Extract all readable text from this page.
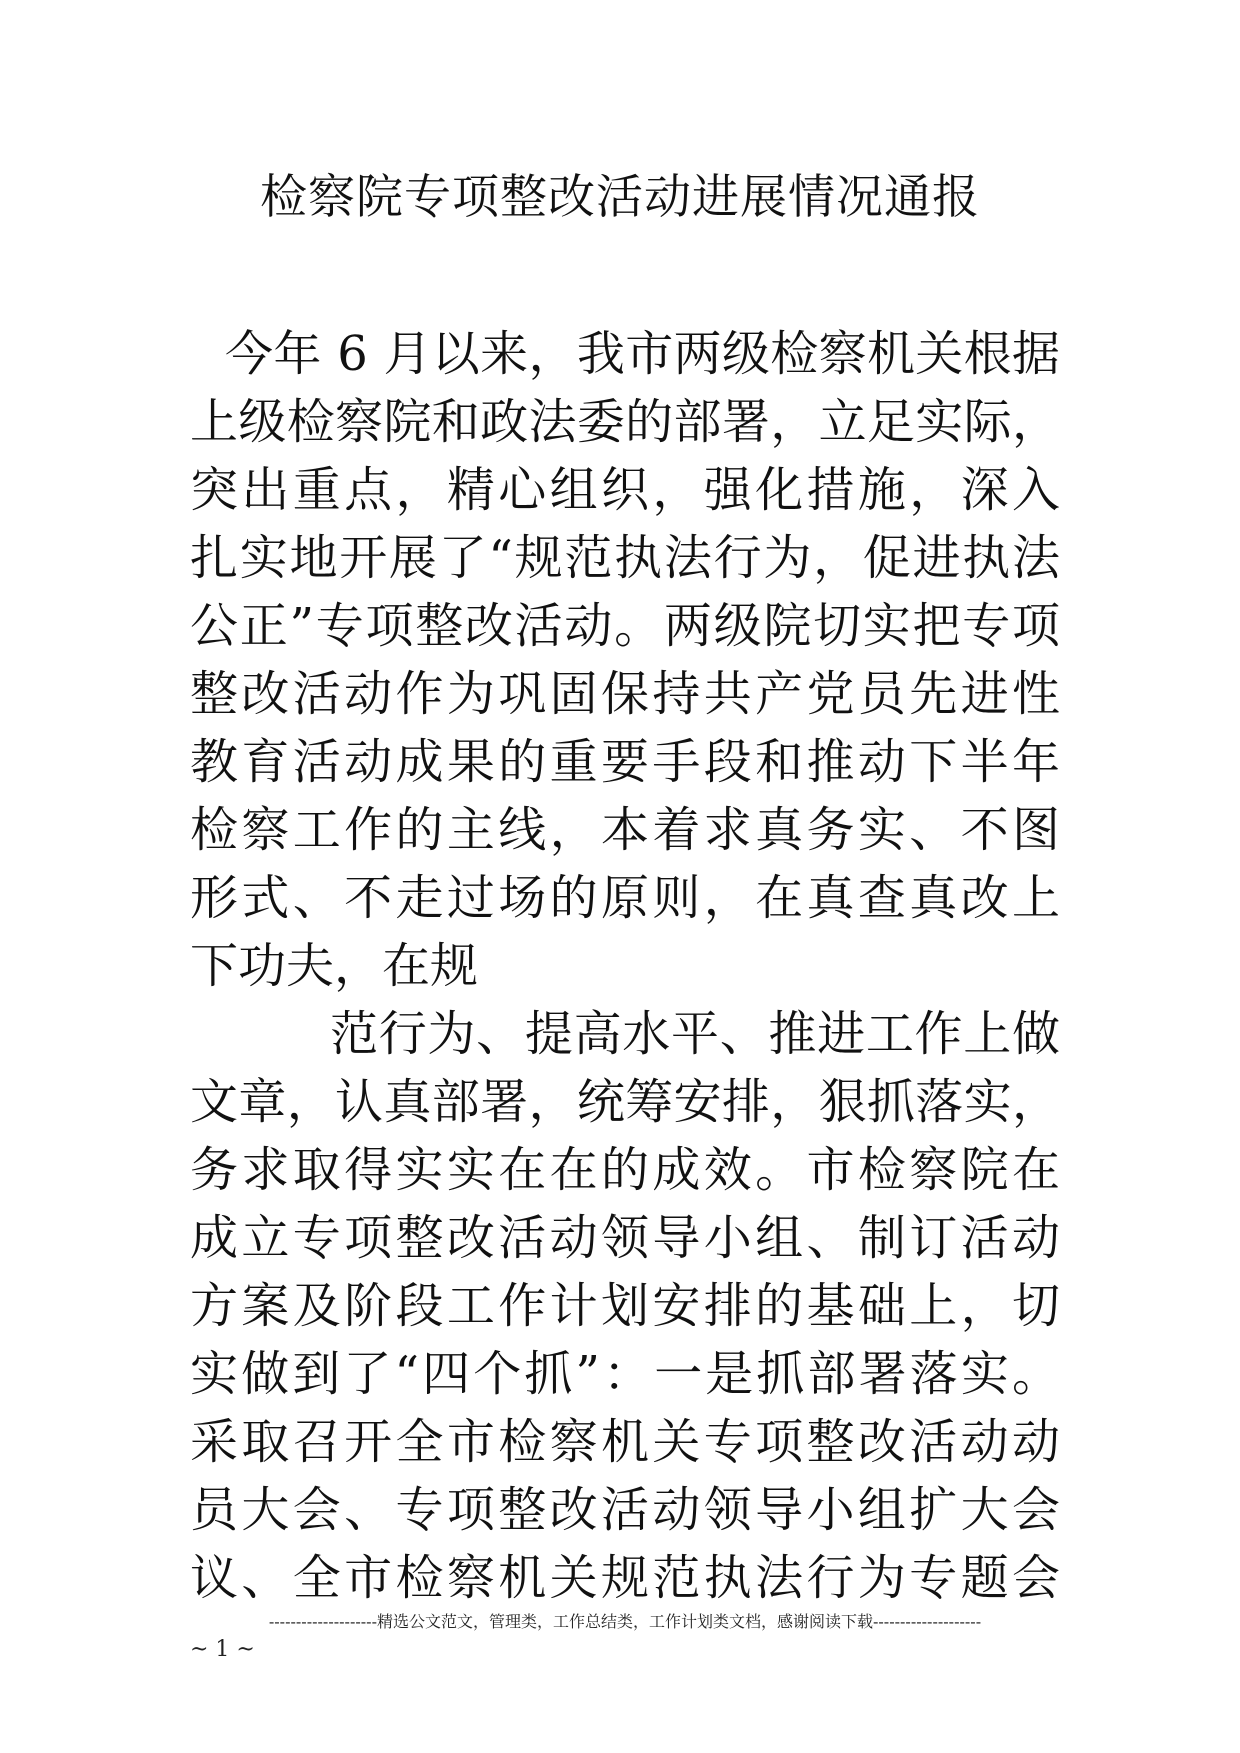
检察院专项整改活动进展情况通报
今年 6 月以来，我市两级检察机关根据
上级检察院和政法委的部署，立足实际，
突出重点，精心组织，强化措施，深入
扎实地开展了“规范执法行为，促进执法
公正”专项整改活动。两级院切实把专项
整改活动作为巩固保持共产党员先进性
教育活动成果的重要手段和推动下半年
检察工作的主线，本着求真务实、不图
形式、不走过场的原则，在真查真改上
下功夫，在规
范行为、提高水平、推进工作上做
文章，认真部署，统筹安排，狠抓落实，
务求取得实实在在的成效。市检察院在
成立专项整改活动领导小组、制订活动
方案及阶段工作计划安排的基础上，切
实做到了“四个抓”：一是抓部署落实。
采取召开全市检察机关专项整改活动动
员大会、专项整改活动领导小组扩大会
议、全市检察机关规范执法行为专题会
--------------------精选公文范文，管理类，工作总结类，工作计划类文档，感谢阅读下载--------------------
~ 1 ~
